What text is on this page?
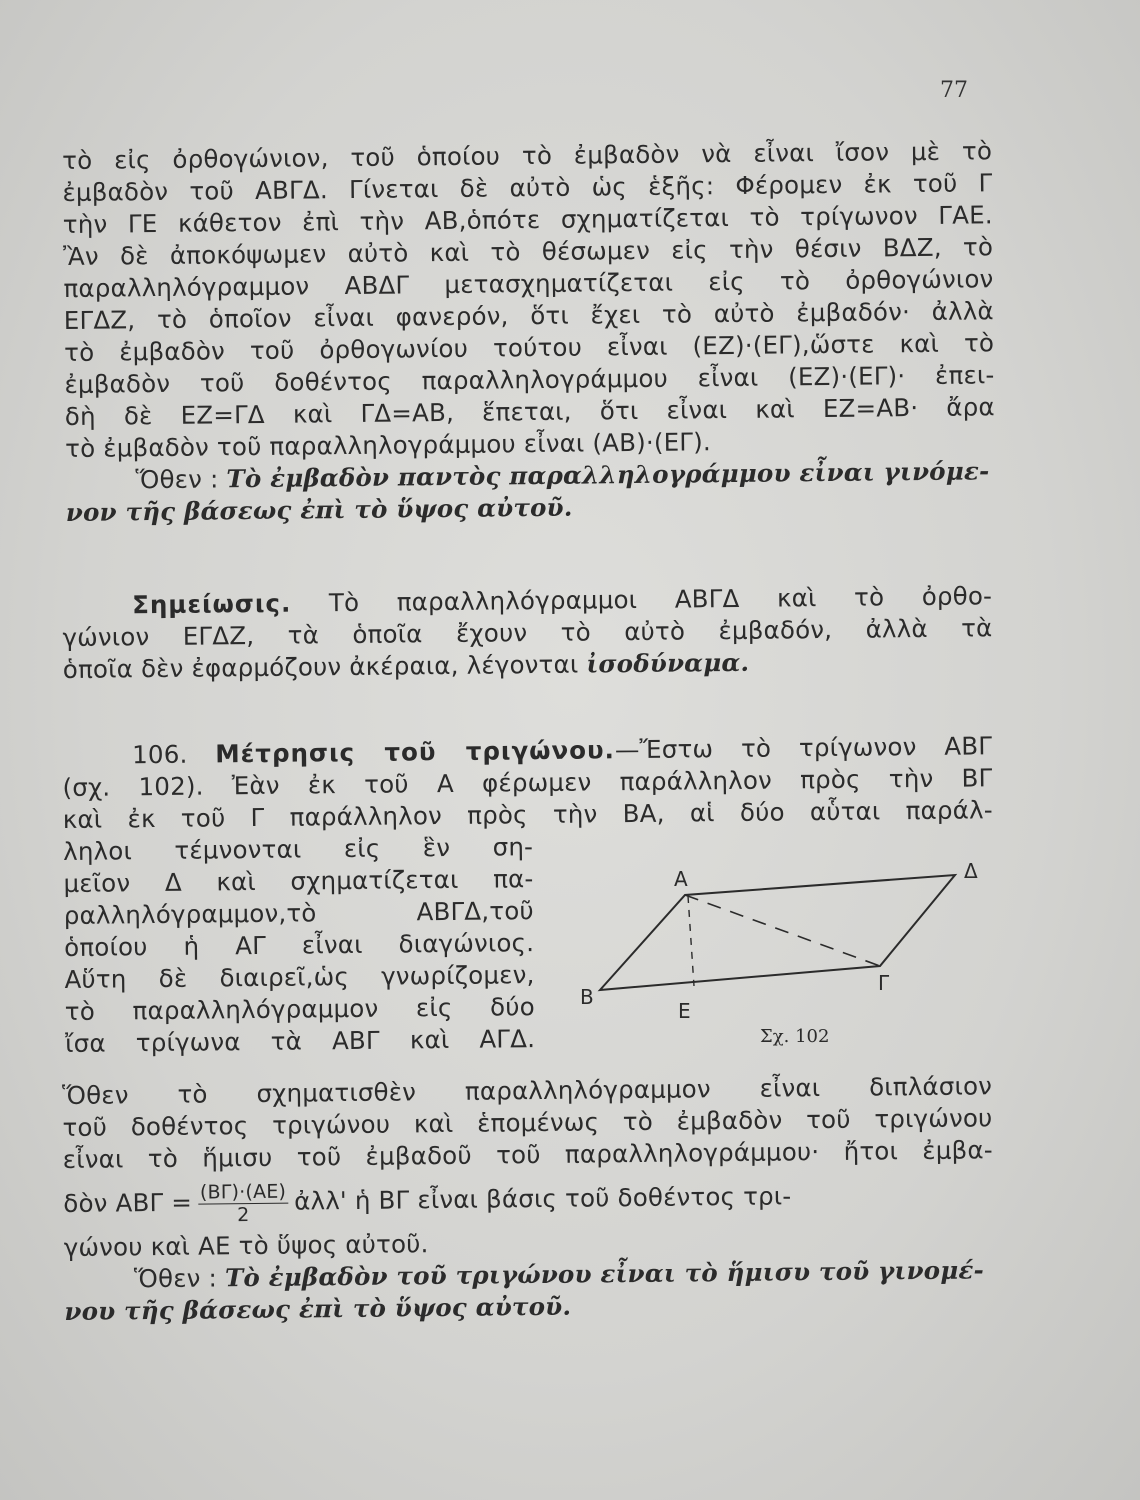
77
τὸ εἰς ὀρθογώνιον, τοῦ ὁποίου τὸ ἐμβαδὸν νὰ εἶναι ἴσον μὲ τὸ
ἐμβαδὸν τοῦ ΑΒΓΔ. Γίνεται δὲ αὐτὸ ὡς ἑξῆς: Φέρομεν ἐκ τοῦ Γ
τὴν ΓΕ κάθετον ἐπὶ τὴν ΑΒ,ὁπότε σχηματίζεται τὸ τρίγωνον ΓΑΕ.
Ἂν δὲ ἀποκόψωμεν αὐτὸ καὶ τὸ θέσωμεν εἰς τὴν θέσιν ΒΔΖ, τὸ
παραλληλόγραμμον ΑΒΔΓ μετασχηματίζεται εἰς τὸ ὀρθογώνιον
ΕΓΔΖ, τὸ ὁποῖον εἶναι φανερόν, ὅτι ἔχει τὸ αὐτὸ ἐμβαδόν· ἀλλὰ
τὸ ἐμβαδὸν τοῦ ὀρθογωνίου τούτου εἶναι (ΕΖ)·(ΕΓ),ὥστε καὶ τὸ
ἐμβαδὸν τοῦ δοθέντος παραλληλογράμμου εἶναι (ΕΖ)·(ΕΓ)· ἐπει-
δὴ δὲ ΕΖ=ΓΔ καὶ ΓΔ=ΑΒ, ἕπεται, ὅτι εἶναι καὶ ΕΖ=ΑΒ· ἄρα
τὸ ἐμβαδὸν τοῦ παραλληλογράμμου εἶναι (ΑΒ)·(ΕΓ).
Ὅθεν : Τὸ ἐμβαδὸν παντὸς παραλληλογράμμου εἶναι γινόμε-
νον τῆς βάσεως ἐπὶ τὸ ὕψος αὐτοῦ.
Σημείωσις. Τὸ παραλληλόγραμμοι ΑΒΓΔ καὶ τὸ ὀρθο-
γώνιον ΕΓΔΖ, τὰ ὁποῖα ἔχουν τὸ αὐτὸ ἐμβαδόν, ἀλλὰ τὰ
ὁποῖα δὲν ἐφαρμόζουν ἀκέραια, λέγονται ἰσοδύναμα.
106. Μέτρησις τοῦ τριγώνου.—Ἔστω τὸ τρίγωνον ΑΒΓ
(σχ. 102). Ἐὰν ἐκ τοῦ Α φέρωμεν παράλληλον πρὸς τὴν ΒΓ
καὶ ἐκ τοῦ Γ παράλληλον πρὸς τὴν ΒΑ, αἱ δύο αὗται παράλ-
ληλοι τέμνονται εἰς ἓν ση-
μεῖον Δ καὶ σχηματίζεται πα-
ραλληλόγραμμον,τὸ ΑΒΓΔ,τοῦ
ὁποίου ἡ ΑΓ εἶναι διαγώνιος.
Αὕτη δὲ διαιρεῖ,ὡς γνωρίζομεν,
τὸ παραλληλόγραμμον εἰς δύο
ἴσα τρίγωνα τὰ ΑΒΓ καὶ ΑΓΔ.
Α
Β
Γ
Δ
Ε
Σχ. 102
Ὅθεν τὸ σχηματισθὲν παραλληλόγραμμον εἶναι διπλάσιον
τοῦ δοθέντος τριγώνου καὶ ἑπομένως τὸ ἐμβαδὸν τοῦ τριγώνου
εἶναι τὸ ἥμισυ τοῦ ἐμβαδοῦ τοῦ παραλληλογράμμου· ἤτοι ἐμβα-
δὸν $AB\Gamma = \frac{(B\Gamma)\cdot(AE)}{2}$ ἀλλ' ἡ ΒΓ εἶναι βάσις τοῦ δοθέντος τρι-
γώνου καὶ ΑΕ τὸ ὕψος αὐτοῦ.
Ὅθεν : Τὸ ἐμβαδὸν τοῦ τριγώνου εἶναι τὸ ἥμισυ τοῦ γινομέ-
νου τῆς βάσεως ἐπὶ τὸ ὕψος αὐτοῦ.
